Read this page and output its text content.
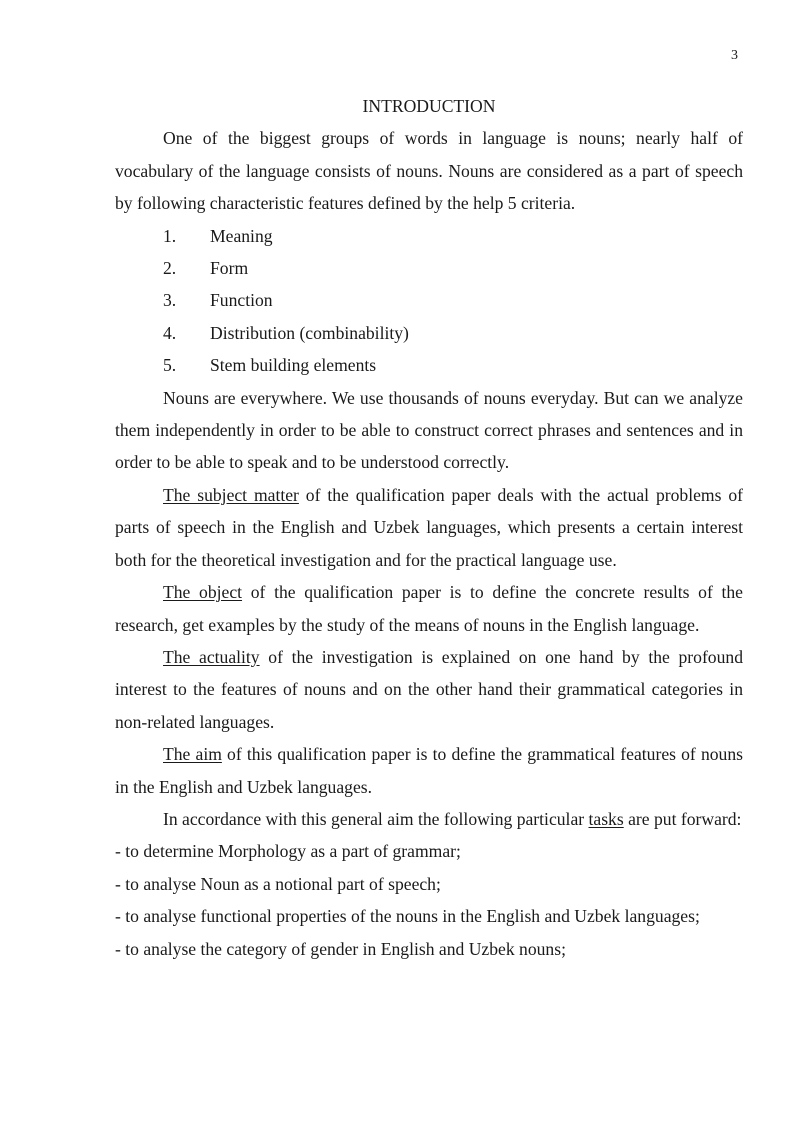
3
INTRODUCTION

One of the biggest groups of words in language is nouns; nearly half of vocabulary of the language consists of nouns. Nouns are considered as a part of speech by following characteristic features defined by the help 5 criteria.

1.	Meaning
2.	Form
3.	Function
4.	Distribution (combinability)
5.	Stem building elements

Nouns are everywhere. We use thousands of nouns everyday. But can we analyze them independently in order to be able to construct correct phrases and sentences and in order to be able to speak and to be understood correctly.

The subject matter of the qualification paper deals with the actual problems of parts of speech in the English and Uzbek languages, which presents a certain interest both for the theoretical investigation and for the practical language use.

The object of the qualification paper is to define the concrete results of the research, get examples by the study of the means of nouns in the English language.

The actuality of the investigation is explained on one hand by the profound interest to the features of nouns and on the other hand their grammatical categories in non-related languages.

The aim of this qualification paper is to define the grammatical features of nouns in the English and Uzbek languages.

In accordance with this general aim the following particular tasks are put forward:

- to determine Morphology as a part of grammar;
- to analyse Noun as a notional part of speech;
- to analyse functional properties of the nouns in the English and Uzbek languages;
- to analyse the category of gender in English and Uzbek nouns;
